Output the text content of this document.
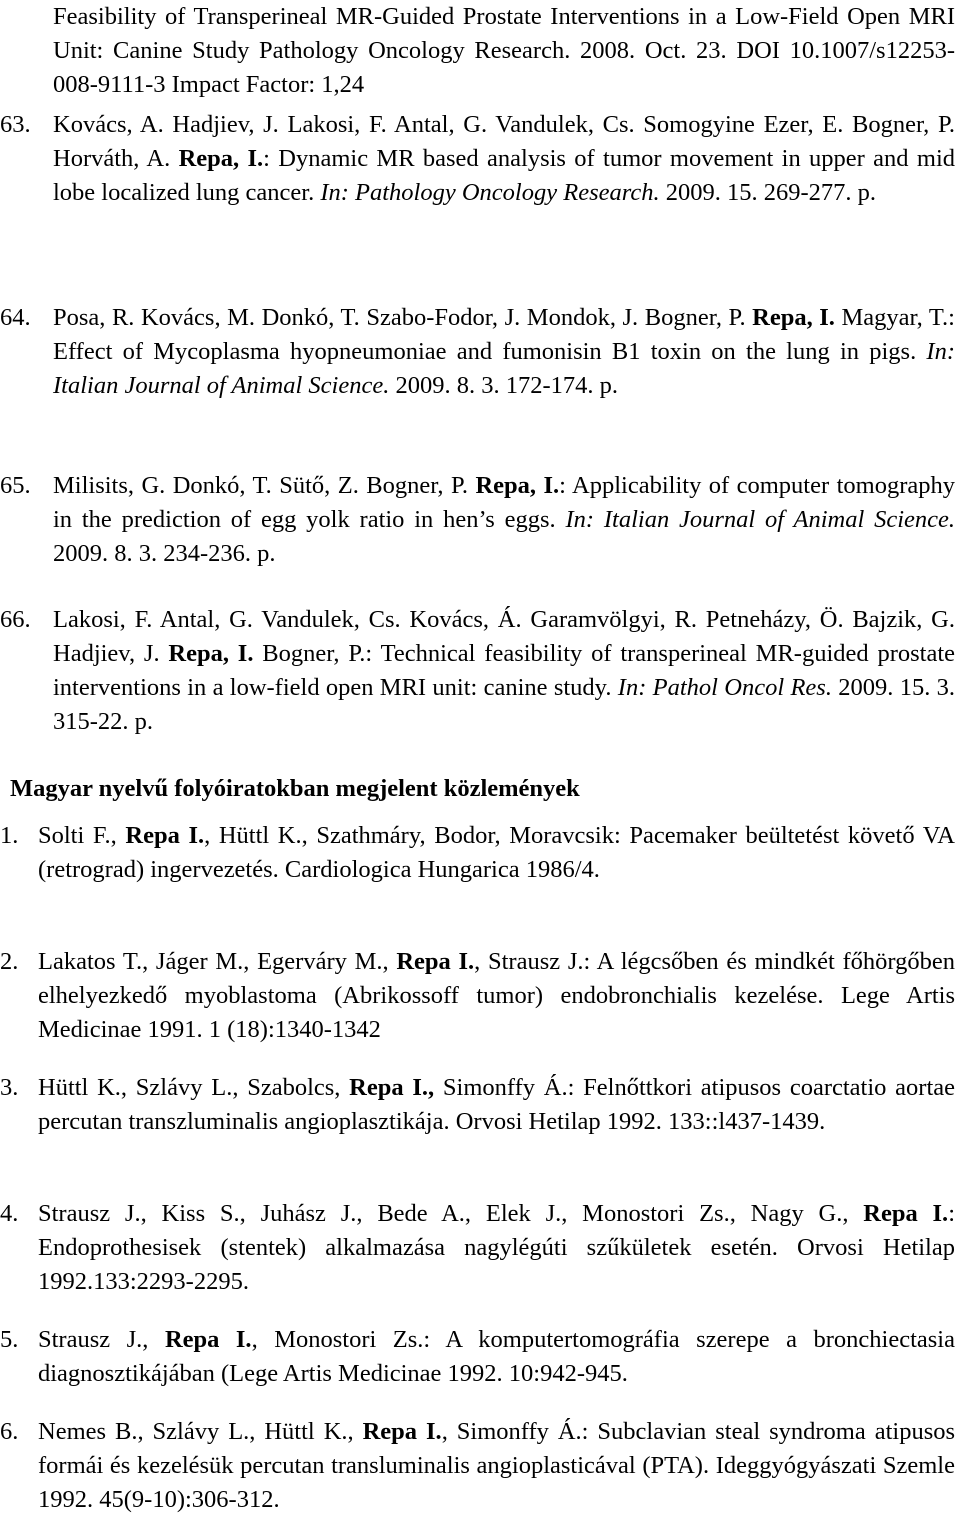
Feasibility of Transperineal MR-Guided Prostate Interventions in a Low-Field Open MRI Unit: Canine Study Pathology Oncology Research. 2008. Oct. 23. DOI 10.1007/s12253-008-9111-3 Impact Factor: 1,24
63. Kovács, A. Hadjiev, J. Lakosi, F. Antal, G. Vandulek, Cs. Somogyine Ezer, E. Bogner, P. Horváth, A. Repa, I.: Dynamic MR based analysis of tumor movement in upper and mid lobe localized lung cancer. In: Pathology Oncology Research. 2009. 15. 269-277. p.
64. Posa, R. Kovács, M. Donkó, T. Szabo-Fodor, J. Mondok, J. Bogner, P. Repa, I. Magyar, T.: Effect of Mycoplasma hyopneumoniae and fumonisin B1 toxin on the lung in pigs. In: Italian Journal of Animal Science. 2009. 8. 3. 172-174. p.
65. Milisits, G. Donkó, T. Sütő, Z. Bogner, P. Repa, I.: Applicability of computer tomography in the prediction of egg yolk ratio in hen’s eggs. In: Italian Journal of Animal Science. 2009. 8. 3. 234-236. p.
66. Lakosi, F. Antal, G. Vandulek, Cs. Kovács, Á. Garamvölgyi, R. Petneházy, Ö. Bajzik, G. Hadjiev, J. Repa, I. Bogner, P.: Technical feasibility of transperineal MR-guided prostate interventions in a low-field open MRI unit: canine study. In: Pathol Oncol Res. 2009. 15. 3. 315-22. p.
Magyar nyelvű folyóiratokban megjelent közlemények
1. Solti F., Repa I., Hüttl K., Szathmáry, Bodor, Moravcsik: Pacemaker beültetést követő VA (retrograd) ingervezetés. Cardiologica Hungarica 1986/4.
2. Lakatos T., Jáger M., Egerváry M., Repa I., Strausz J.: A légcsőben és mindkét főhörgőben elhelyezkedő myoblastoma (Abrikossoff tumor) endobronchialis kezelése. Lege Artis Medicinae 1991. 1 (18):1340-1342
3. Hüttl K., Szlávy L., Szabolcs, Repa I., Simonffy Á.: Felnőttkori atipusos coarctatio aortae percutan transzluminalis angioplasztikája. Orvosi Hetilap 1992. 133::l437-1439.
4. Strausz J., Kiss S., Juhász J., Bede A., Elek J., Monostori Zs., Nagy G., Repa I.: Endoprothesisek (stentek) alkalmazása nagylégúti szűkületek esetén. Orvosi Hetilap 1992.133:2293-2295.
5. Strausz J., Repa I., Monostori Zs.: A komputertomográfia szerepe a bronchiectasia diagnosztikájában (Lege Artis Medicinae 1992. 10:942-945.
6. Nemes B., Szlávy L., Hüttl K., Repa I., Simonffy Á.: Subclavian steal syndroma atipusos formái és kezelésük percutan transluminalis angioplasticával (PTA). Ideggyógyászati Szemle 1992. 45(9-10):306-312.
